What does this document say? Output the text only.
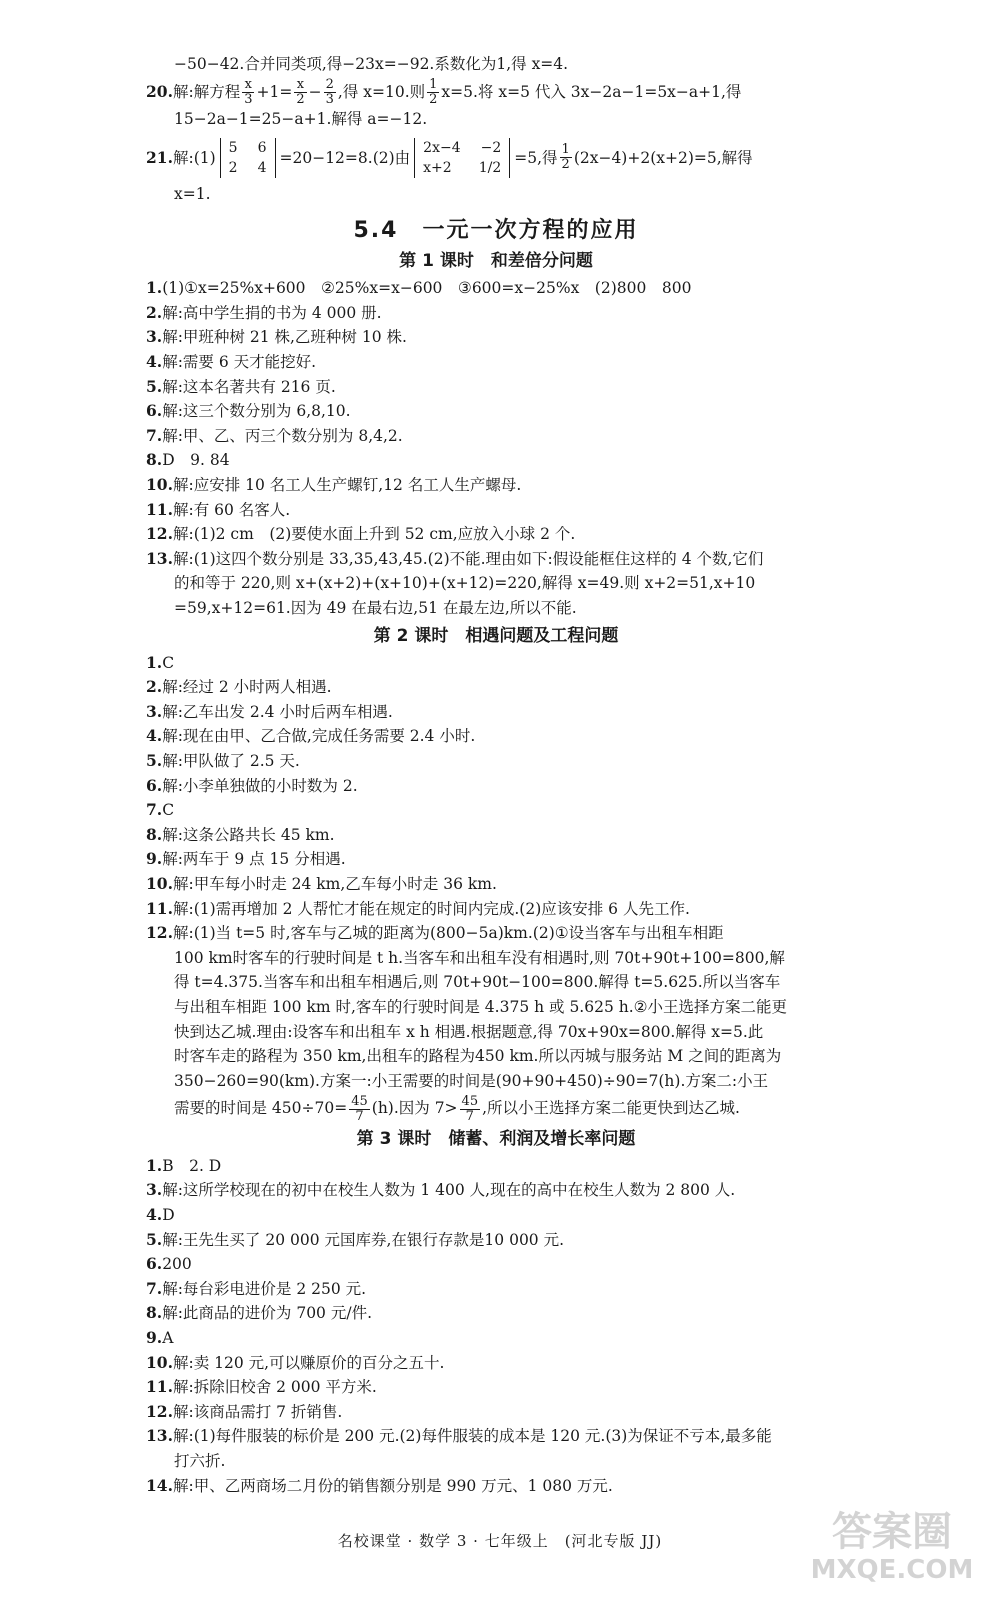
−50−42.合并同类项,得−23x=−92.系数化为1,得 x=4.
20.解:解方程 $\frac{x}{3} +1= \frac{x}{2} - \frac{2}{3}$ ,得 x=10.则 $\frac{1}{2} x=5$.将 x=5 代入 3x−2a−1=5x−a+1,得
15−2a−1=25−a+1.解得 a=−12.
21. 解:(1)
5 6
2 4
=20−12=8.(2)由
2x−4 −2
x+2 1/2
=5,得 $\frac{1}{2} (2x-4)+2(x+2)=5$,解得
x=1.
5.4　一元一次方程的应用
第 1 课时　和差倍分问题
1.(1)①x=25%x+600　②25%x=x−600　③600=x−25%x　(2)800　800
2.解:高中学生捐的书为 4 000 册.
3.解:甲班种树 21 株,乙班种树 10 株.
4.解:需要 6 天才能挖好.
5.解:这本名著共有 216 页.
6.解:这三个数分别为 6,8,10.
7.解:甲、乙、丙三个数分别为 8,4,2.
8.D　9. 84
10.解:应安排 10 名工人生产螺钉,12 名工人生产螺母.
11.解:有 60 名客人.
12.解:(1)2 cm　(2)要使水面上升到 52 cm,应放入小球 2 个.
13.解:(1)这四个数分别是 33,35,43,45.(2)不能.理由如下:假设能框住这样的 4 个数,它们
的和等于 220,则 x+(x+2)+(x+10)+(x+12)=220,解得 x=49.则 x+2=51,x+10
=59,x+12=61.因为 49 在最右边,51 在最左边,所以不能.
第 2 课时　相遇问题及工程问题
1.C
2.解:经过 2 小时两人相遇.
3.解:乙车出发 2.4 小时后两车相遇.
4.解:现在由甲、乙合做,完成任务需要 2.4 小时.
5.解:甲队做了 2.5 天.
6.解:小李单独做的小时数为 2.
7.C
8.解:这条公路共长 45 km.
9.解:两车于 9 点 15 分相遇.
10.解:甲车每小时走 24 km,乙车每小时走 36 km.
11.解:(1)需再增加 2 人帮忙才能在规定的时间内完成.(2)应该安排 6 人先工作.
12.解:(1)当 t=5 时,客车与乙城的距离为(800−5a)km.(2)①设当客车与出租车相距
100 km时客车的行驶时间是 t h.当客车和出租车没有相遇时,则 70t+90t+100=800,解
得 t=4.375.当客车和出租车相遇后,则 70t+90t−100=800.解得 t=5.625.所以当客车
与出租车相距 100 km 时,客车的行驶时间是 4.375 h 或 5.625 h.②小王选择方案二能更
快到达乙城.理由:设客车和出租车 x h 相遇.根据题意,得 70x+90x=800.解得 x=5.此
时客车走的路程为 350 km,出租车的路程为450 km.所以丙城与服务站 M 之间的距离为
350−260=90(km).方案一:小王需要的时间是(90+90+450)÷90=7(h).方案二:小王
需要的时间是 $450\div 70= \frac{45}{7} (h)$.因为 $7> \frac{45}{7}$ ,所以小王选择方案二能更快到达乙城.
第 3 课时　储蓄、利润及增长率问题
1.B　2. D
3.解:这所学校现在的初中在校生人数为 1 400 人,现在的高中在校生人数为 2 800 人.
4.D
5.解:王先生买了 20 000 元国库券,在银行存款是10 000 元.
6.200
7.解:每台彩电进价是 2 250 元.
8.解:此商品的进价为 700 元/件.
9.A
10.解:卖 120 元,可以赚原价的百分之五十.
11.解:拆除旧校舍 2 000 平方米.
12.解:该商品需打 7 折销售.
13.解:(1)每件服装的标价是 200 元.(2)每件服装的成本是 120 元.(3)为保证不亏本,最多能
打六折.
14.解:甲、乙两商场二月份的销售额分别是 990 万元、1 080 万元.
名校课堂 · 数学 3 · 七年级上　(河北专版 JJ)	答案圈
MXQE.COM
